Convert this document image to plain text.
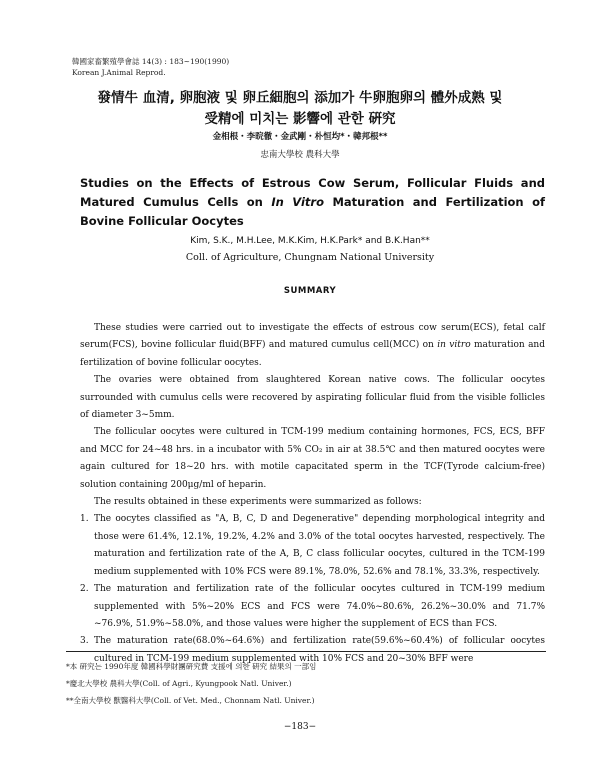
韓國家畜繁殖學會誌 14(3) : 183~190(1990)
Korean J.Animal Reprod.
發情牛 血清, 卵胞液 및 卵丘細胞의 添加가 牛卵胞卵의 體外成熟 및
受精에 미치는 影響에 관한 硏究
金相根・李晥徹・金武剛・朴恒均*・韓邦根**
忠南大學校 農科大學
Studies on the Effects of Estrous Cow Serum, Follicular Fluids and Matured Cumulus Cells on In Vitro Maturation and Fertilization of Bovine Follicular Oocytes
Kim, S.K., M.H.Lee, M.K.Kim, H.K.Park* and B.K.Han**
Coll. of Agriculture, Chungnam National University
SUMMARY

These studies were carried out to investigate the effects of estrous cow serum(ECS), fetal calf serum(FCS), bovine follicular fluid(BFF) and matured cumulus cell(MCC) on in vitro maturation and fertilization of bovine follicular oocytes.

The ovaries were obtained from slaughtered Korean native cows. The follicular oocytes surrounded with cumulus cells were recovered by aspirating follicular fluid from the visible follicles of diameter 3~5mm.

The follicular oocytes were cultured in TCM-199 medium containing hormones, FCS, ECS, BFF and MCC for 24~48 hrs. in a incubator with 5% CO₂ in air at 38.5℃ and then matured oocytes were again cultured for 18~20 hrs. with motile capacitated sperm in the TCF(Tyrode calcium-free) solution containing 200μg/ml of heparin.

The results obtained in these experiments were summarized as follows:

1. The oocytes classified as "A, B, C, D and Degenerative" depending morphological integrity and those were 61.4%, 12.1%, 19.2%, 4.2% and 3.0% of the total oocytes harvested, respectively. The maturation and fertilization rate of the A, B, C class follicular oocytes, cultured in the TCM-199 medium supplemented with 10% FCS were 89.1%, 78.0%, 52.6% and 78.1%, 33.3%, respectively.
2. The maturation and fertilization rate of the follicular oocytes cultured in TCM-199 medium supplemented with 5%~20% ECS and FCS were 74.0%~80.6%, 26.2%~30.0% and 71.7% ~76.9%, 51.9%~58.0%, and those values were higher the supplement of ECS than FCS.
3. The maturation rate(68.0%~64.6%) and fertilization rate(59.6%~60.4%) of follicular oocytes cultured in TCM-199 medium supplemented with 10% FCS and 20~30% BFF were
*本 硏究는 1990年度 韓國科學財團硏究費 支援에 의한 硏究 結果의 一部임
*慶北大學校 農科大學(Coll. of Agri., Kyungpook Natl. Univer.)
**全南大學校 獸醫科大學(Coll. of Vet. Med., Chonnam Natl. Univer.)
−183−
